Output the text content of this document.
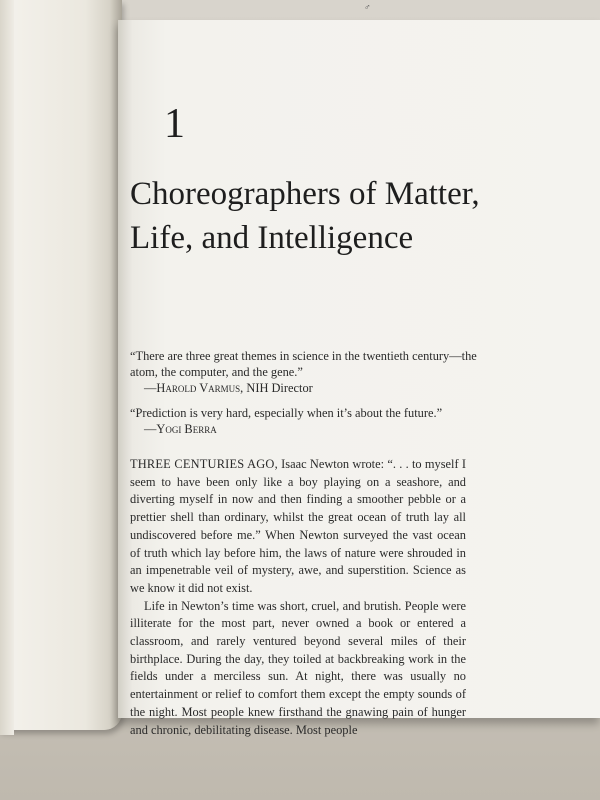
♂
1
Choreographers of Matter,
Life, and Intelligence

“There are three great themes in science in the twentieth century—the atom, the computer, and the gene.”

—Harold Varmus, NIH Director

“Prediction is very hard, especially when it’s about the future.”

—Yogi Berra

THREE CENTURIES AGO, Isaac Newton wrote: “. . . to myself I seem to have been only like a boy playing on a seashore, and diverting myself in now and then finding a smoother pebble or a prettier shell than ordinary, whilst the great ocean of truth lay all undiscovered before me.” When Newton surveyed the vast ocean of truth which lay before him, the laws of nature were shrouded in an impenetrable veil of mystery, awe, and superstition. Science as we know it did not exist.

Life in Newton’s time was short, cruel, and brutish. People were illiterate for the most part, never owned a book or entered a classroom, and rarely ventured beyond several miles of their birthplace. During the day, they toiled at backbreaking work in the fields under a merciless sun. At night, there was usually no entertainment or relief to comfort them except the empty sounds of the night. Most people knew firsthand the gnawing pain of hunger and chronic, debilitating disease. Most people
